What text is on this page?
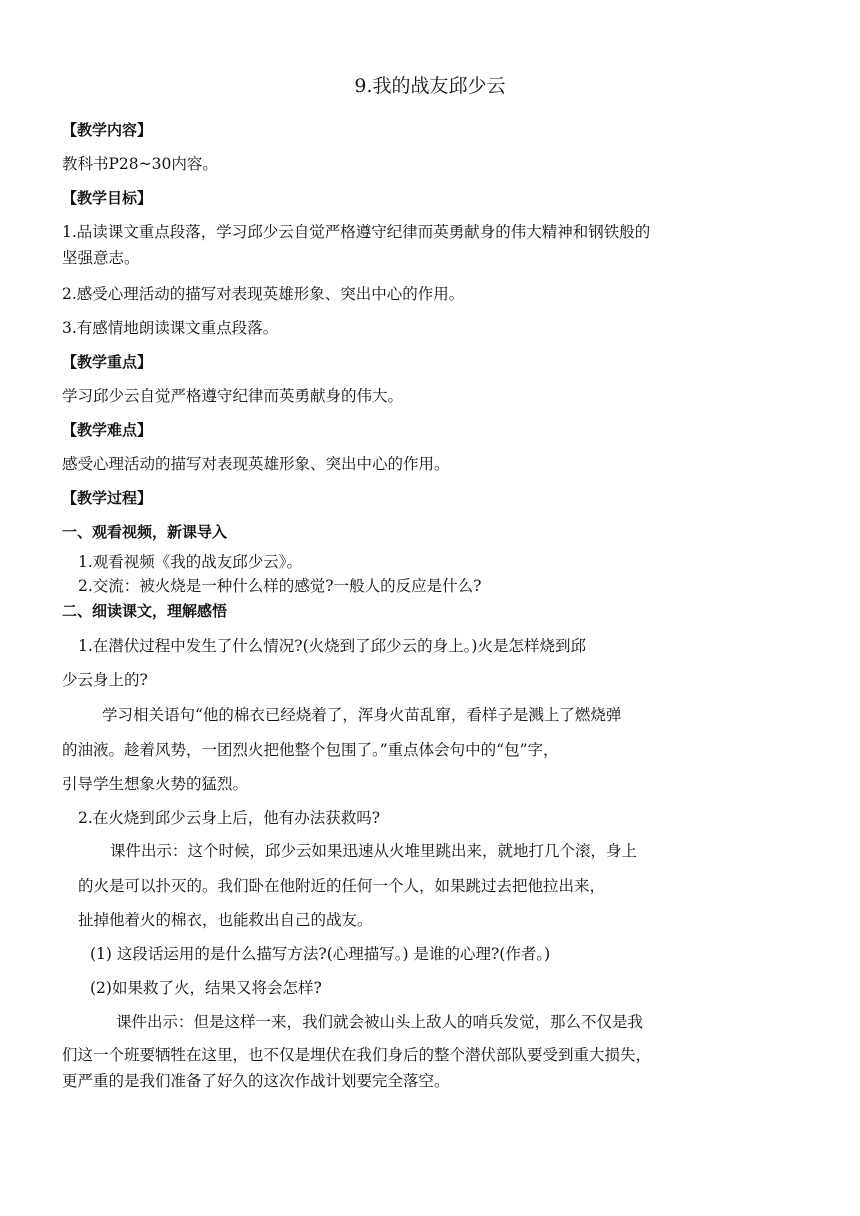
9.我的战友邱少云
【教学内容】
教科书P28~30内容。
【教学目标】
1.品读课文重点段落，学习邱少云自觉严格遵守纪律而英勇献身的伟大精神和钢铁般的
坚强意志。
2.感受心理活动的描写对表现英雄形象、突出中心的作用。
3.有感情地朗读课文重点段落。
【教学重点】
学习邱少云自觉严格遵守纪律而英勇献身的伟大。
【教学难点】
感受心理活动的描写对表现英雄形象、突出中心的作用。
【教学过程】
一、观看视频，新课导入
1.观看视频《我的战友邱少云》。
2.交流：被火烧是一种什么样的感觉?一般人的反应是什么?
二、细读课文，理解感悟
1.在潜伏过程中发生了什么情况?(火烧到了邱少云的身上。)火是怎样烧到邱
少云身上的?
学习相关语句“他的棉衣已经烧着了，浑身火苗乱窜，看样子是溅上了燃烧弹
的油液。趁着风势，一团烈火把他整个包围了。”重点体会句中的“包”字，
引导学生想象火势的猛烈。
2.在火烧到邱少云身上后，他有办法获救吗?
课件出示：这个时候，邱少云如果迅速从火堆里跳出来，就地打几个滚，身上
的火是可以扑灭的。我们卧在他附近的任何一个人，如果跳过去把他拉出来，
扯掉他着火的棉衣，也能救出自己的战友。
(1) 这段话运用的是什么描写方法?(心理描写。) 是谁的心理?(作者。)
(2)如果救了火，结果又将会怎样?
课件出示：但是这样一来，我们就会被山头上敌人的哨兵发觉，那么不仅是我
们这一个班要牺牲在这里，也不仅是埋伏在我们身后的整个潜伏部队要受到重大损失，
更严重的是我们准备了好久的这次作战计划要完全落空。
